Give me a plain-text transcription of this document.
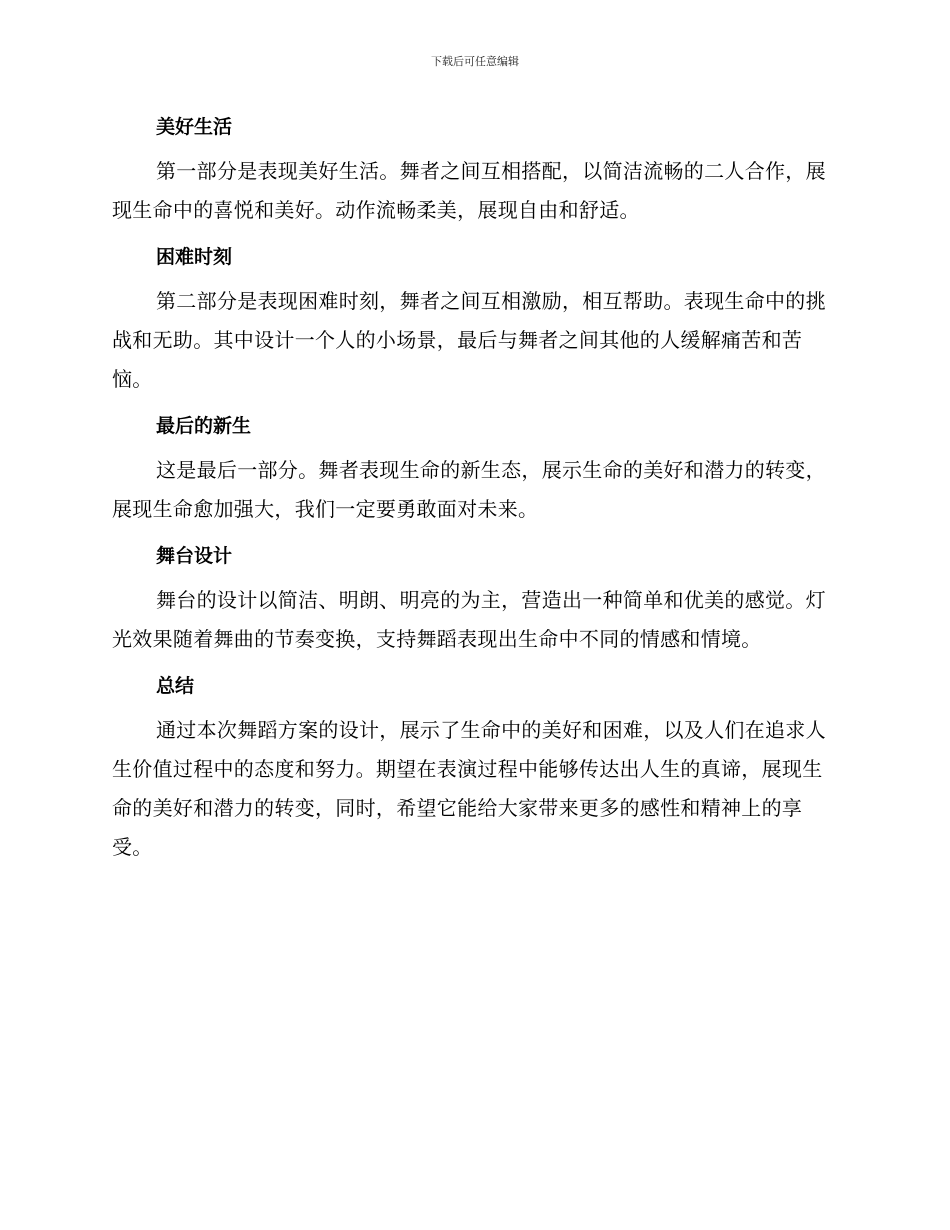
下载后可任意编辑
美好生活

第一部分是表现美好生活。舞者之间互相搭配，以简洁流畅的二人合作，展现生命中的喜悦和美好。动作流畅柔美，展现自由和舒适。

困难时刻

第二部分是表现困难时刻，舞者之间互相激励，相互帮助。表现生命中的挑战和无助。其中设计一个人的小场景，最后与舞者之间其他的人缓解痛苦和苦恼。

最后的新生

这是最后一部分。舞者表现生命的新生态，展示生命的美好和潜力的转变，展现生命愈加强大，我们一定要勇敢面对未来。

舞台设计

舞台的设计以简洁、明朗、明亮的为主，营造出一种简单和优美的感觉。灯光效果随着舞曲的节奏变换，支持舞蹈表现出生命中不同的情感和情境。

总结

通过本次舞蹈方案的设计，展示了生命中的美好和困难，以及人们在追求人生价值过程中的态度和努力。期望在表演过程中能够传达出人生的真谛，展现生命的美好和潜力的转变，同时，希望它能给大家带来更多的感性和精神上的享受。
